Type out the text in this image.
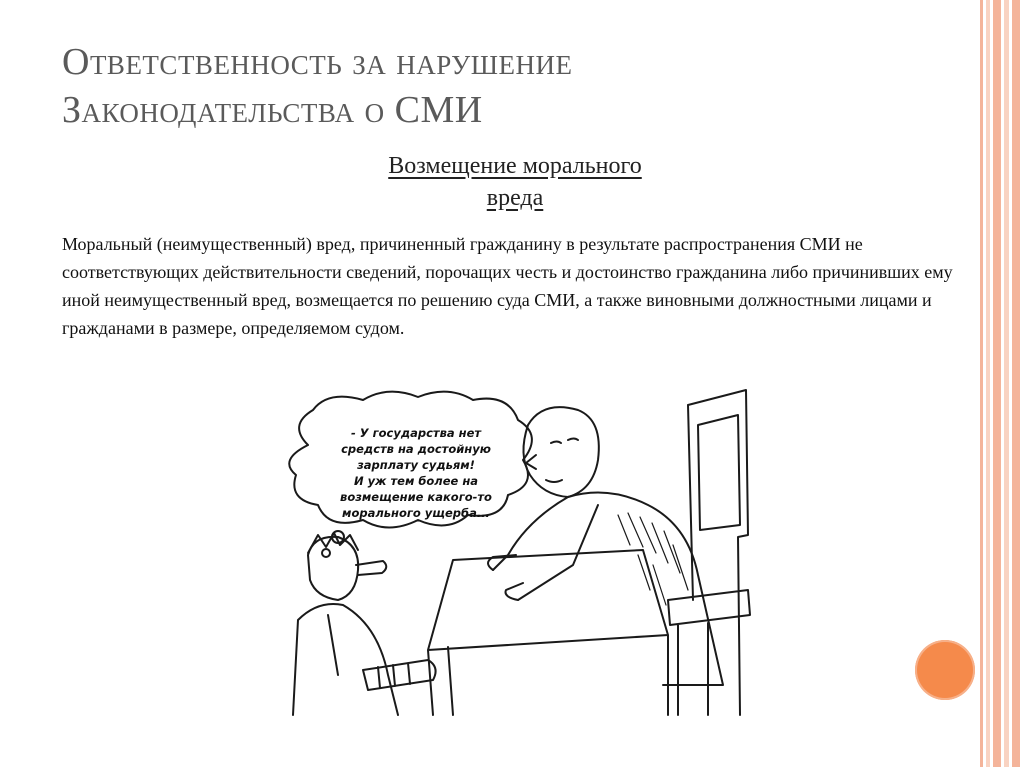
Ответственность за нарушение
Законодательства о СМИ
Возмещение морального
вреда
Моральный (неимущественный) вред, причиненный гражданину в результате распространения СМИ не соответствующих действительности сведений, порочащих честь и достоинство гражданина либо причинивших ему иной неимущественный вред, возмещается по решению суда СМИ, а также виновными должностными лицами и гражданами в размере, определяемом судом.
- У государства нет
средств на достойную
зарплату судьям!
И уж тем более на
возмещение какого-то
морального ущерба...
